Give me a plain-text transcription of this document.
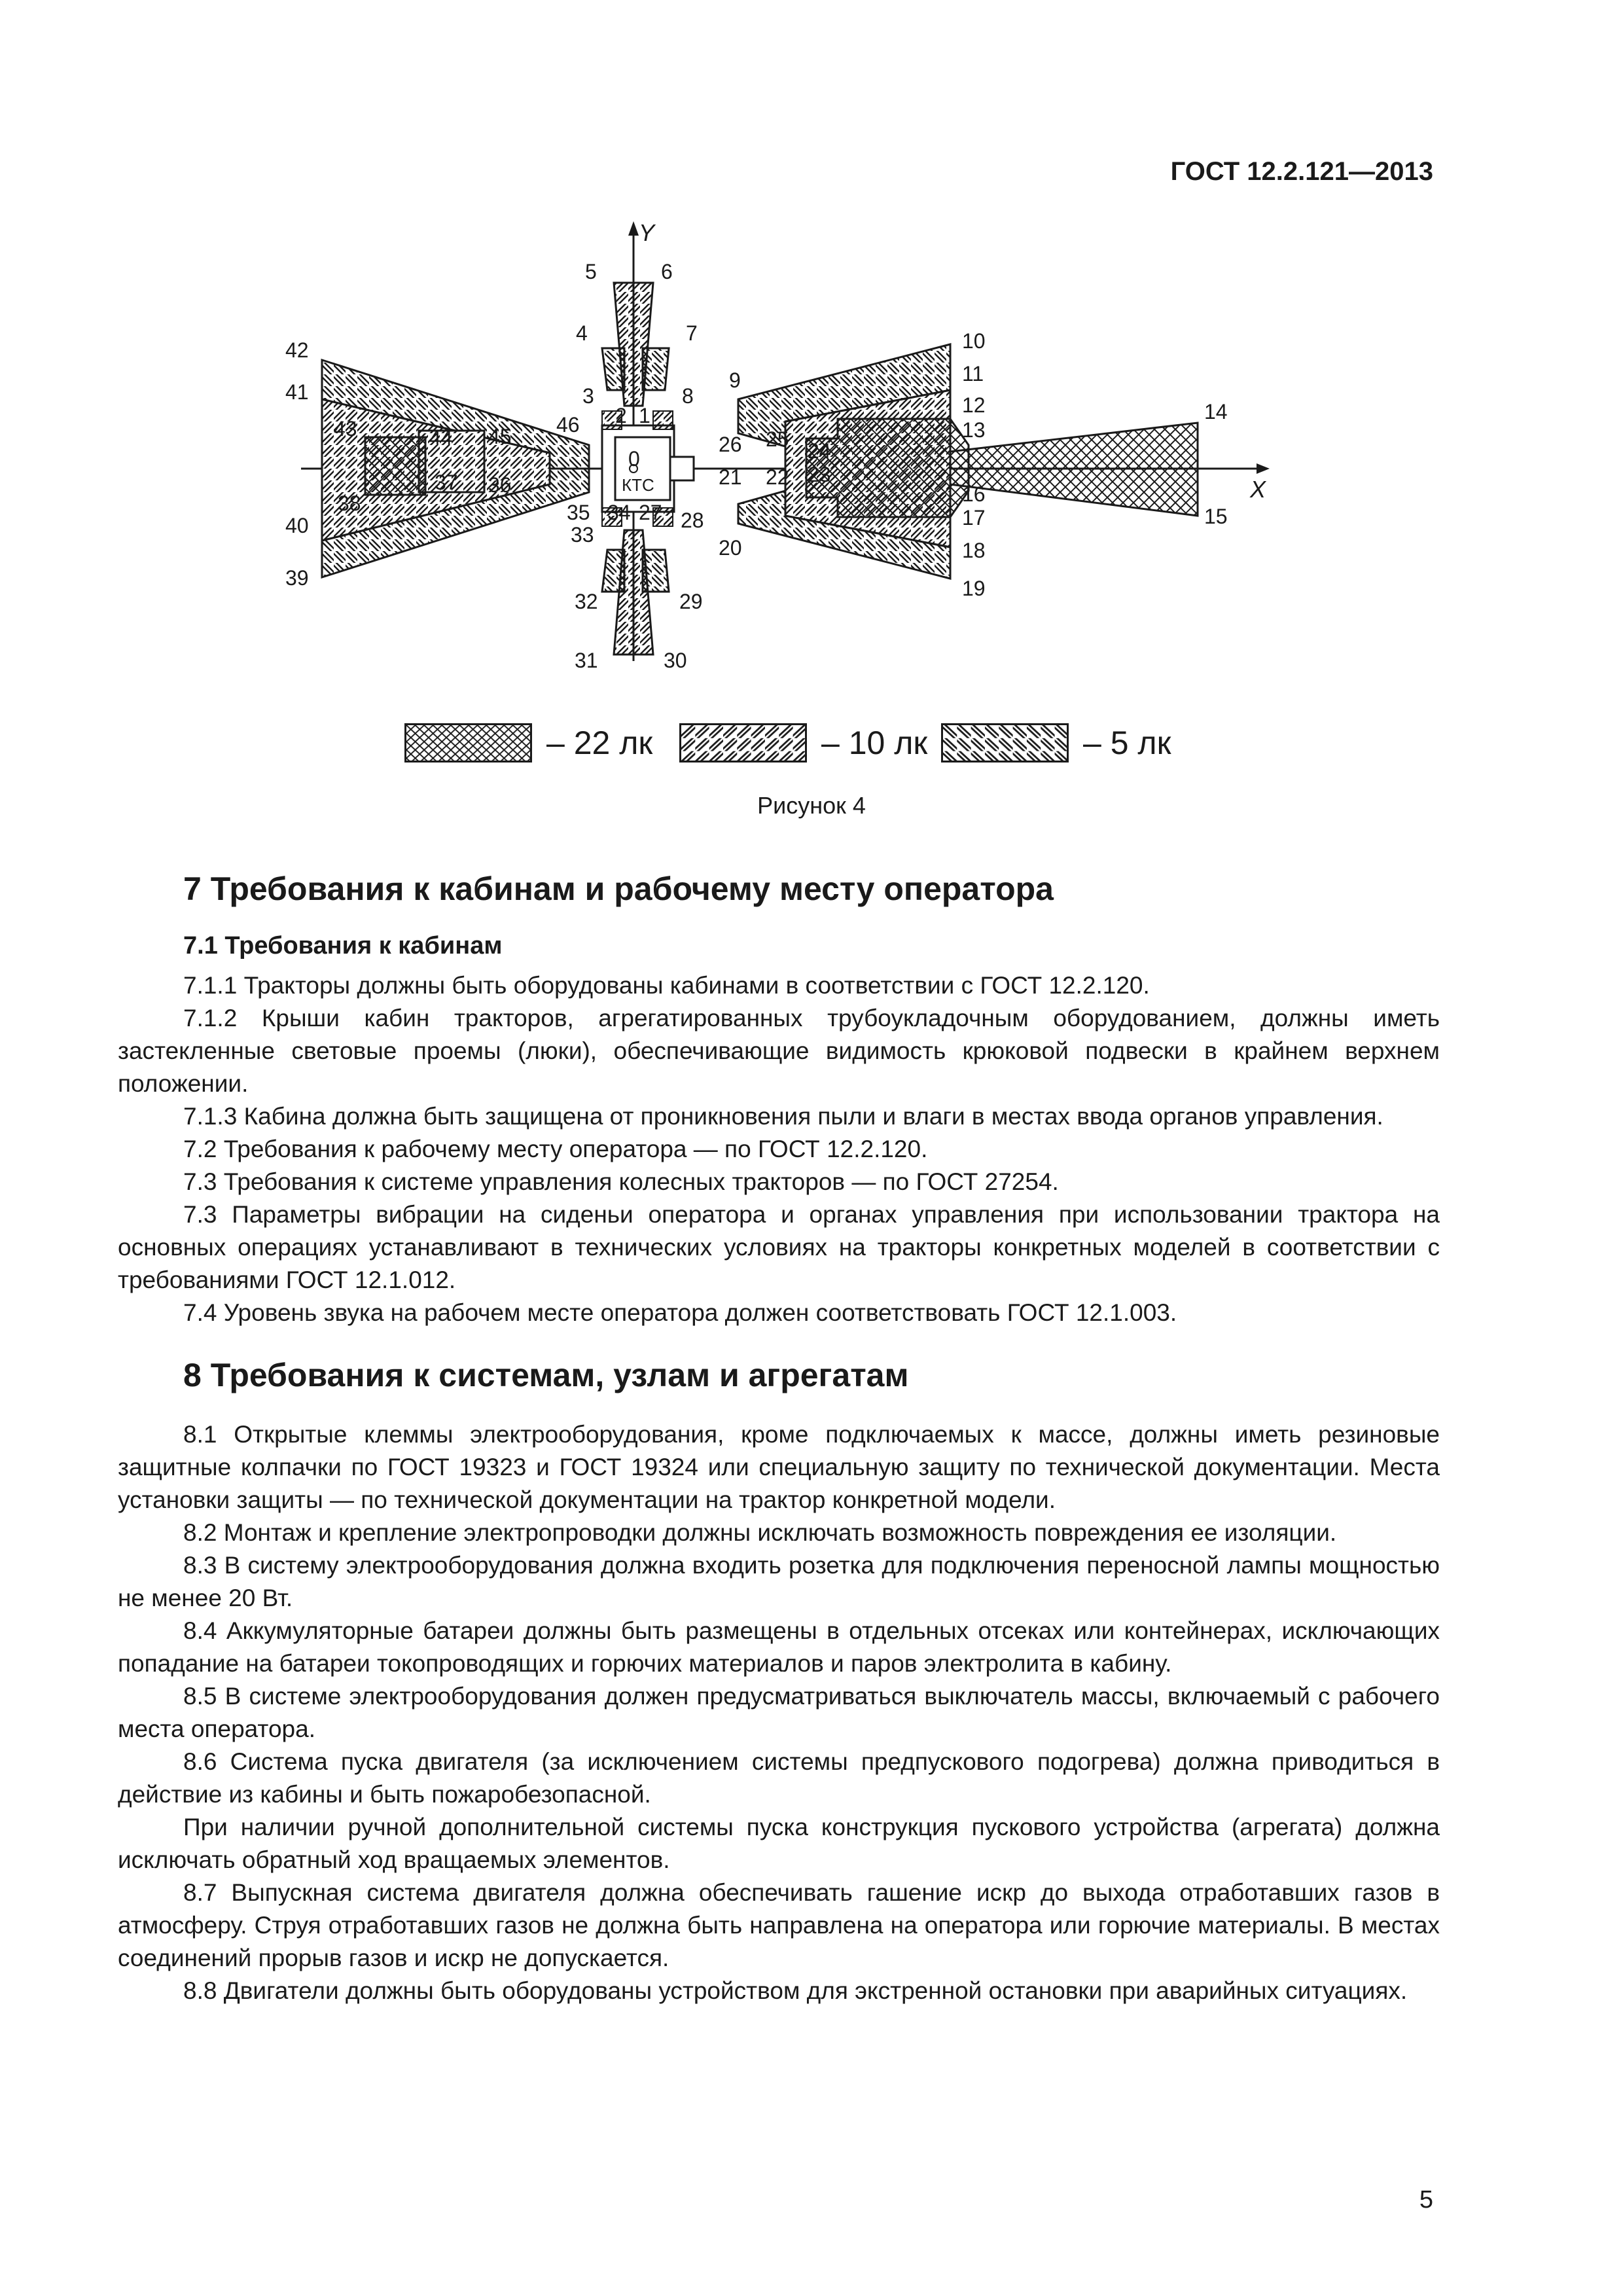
ГОСТ 12.2.121—2013
Y
X
5	6
4	7
3	8
2 1
0
КТС
34 27
35
33
28
32	29
31	30
42
41
43	44 45 46
37 36
38
40
39
9
10
11
12
13
14
15
16
17
18
19
20
21 22 23
24
25
26
– 22 лк	– 10 лк	– 5 лк
Рисунок 4
7 Требования к кабинам и рабочему месту оператора
7.1 Требования к кабинам

7.1.1 Тракторы должны быть оборудованы кабинами в соответствии с ГОСТ 12.2.120.

7.1.2 Крыши кабин тракторов, агрегатированных трубоукладочным оборудованием, должны иметь застекленные световые проемы (люки), обеспечивающие видимость крюковой подвески в крайнем верхнем положении.

7.1.3 Кабина должна быть защищена от проникновения пыли и влаги в местах ввода органов управления.

7.2 Требования к рабочему месту оператора — по ГОСТ 12.2.120.

7.3 Требования к системе управления колесных тракторов — по ГОСТ 27254.

7.3 Параметры вибрации на сиденьи оператора и органах управления при использовании трактора на основных операциях устанавливают в технических условиях на тракторы конкретных моделей в соответствии с требованиями ГОСТ 12.1.012.

7.4 Уровень звука на рабочем месте оператора должен соответствовать ГОСТ 12.1.003.

8 Требования к системам, узлам и агрегатам

8.1 Открытые клеммы электрооборудования, кроме подключаемых к массе, должны иметь резиновые защитные колпачки по ГОСТ 19323 и ГОСТ 19324 или специальную защиту по технической документации. Места установки защиты — по технической документации на трактор конкретной модели.

8.2 Монтаж и крепление электропроводки должны исключать возможность повреждения ее изоляции.

8.3 В систему электрооборудования должна входить розетка для подключения переносной лампы мощностью не менее 20 Вт.

8.4 Аккумуляторные батареи должны быть размещены в отдельных отсеках или контейнерах, исключающих попадание на батареи токопроводящих и горючих материалов и паров электролита в кабину.

8.5 В системе электрооборудования должен предусматриваться выключатель массы, включаемый с рабочего места оператора.

8.6 Система пуска двигателя (за исключением системы предпускового подогрева) должна приводиться в действие из кабины и быть пожаробезопасной.

При наличии ручной дополнительной системы пуска конструкция пускового устройства (агрегата) должна исключать обратный ход вращаемых элементов.

8.7 Выпускная система двигателя должна обеспечивать гашение искр до выхода отработавших газов в атмосферу. Струя отработавших газов не должна быть направлена на оператора или горючие материалы. В местах соединений прорыв газов и искр не допускается.

8.8 Двигатели должны быть оборудованы устройством для экстренной остановки при аварийных ситуациях.

5
